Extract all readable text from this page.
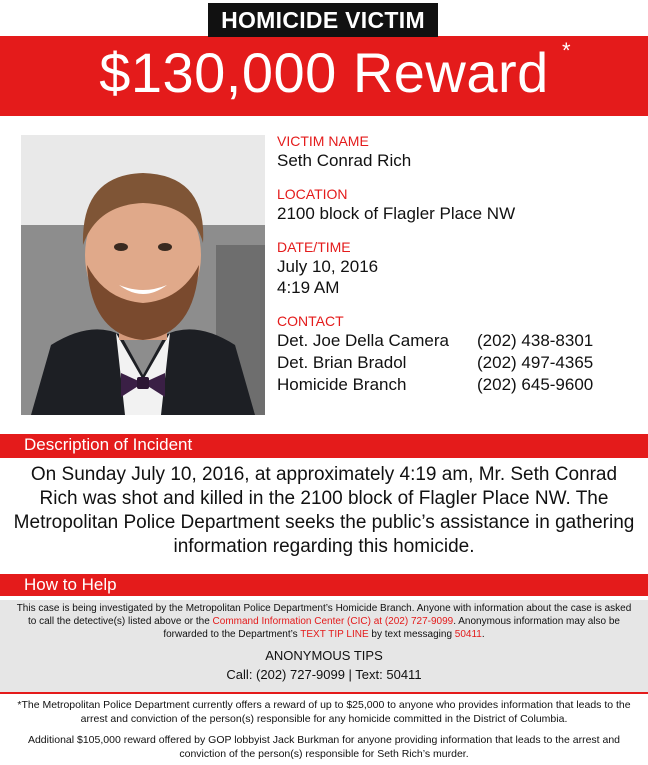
HOMICIDE VICTIM
$130,000 Reward *
VICTIM NAME
Seth Conrad Rich
LOCATION
2100 block of Flagler Place NW
DATE/TIME
July 10, 2016
4:19 AM
CONTACT
Det. Joe Della Camera	(202) 438-8301
Det. Brian Bradol	(202) 497-4365
Homicide Branch	(202) 645-9600
Description of Incident
On Sunday July 10, 2016, at approximately 4:19 am, Mr. Seth Conrad Rich was shot and killed in the 2100 block of Flagler Place NW. The Metropolitan Police Department seeks the public’s assistance in gathering information regarding this homicide.
How to Help
This case is being investigated by the Metropolitan Police Department’s Homicide Branch. Anyone with information about the case is asked to call the detective(s) listed above or the Command Information Center (CIC) at (202) 727-9099. Anonymous information may also be forwarded to the Department’s TEXT TIP LINE by text messaging 50411.
ANONYMOUS TIPS
Call: (202) 727-9099 | Text: 50411
*The Metropolitan Police Department currently offers a reward of up to $25,000 to anyone who provides information that leads to the arrest and conviction of the person(s) responsible for any homicide committed in the District of Columbia.
Additional $105,000 reward offered by GOP lobbyist Jack Burkman for anyone providing information that leads to the arrest and conviction of the person(s) responsible for Seth Rich’s murder.
